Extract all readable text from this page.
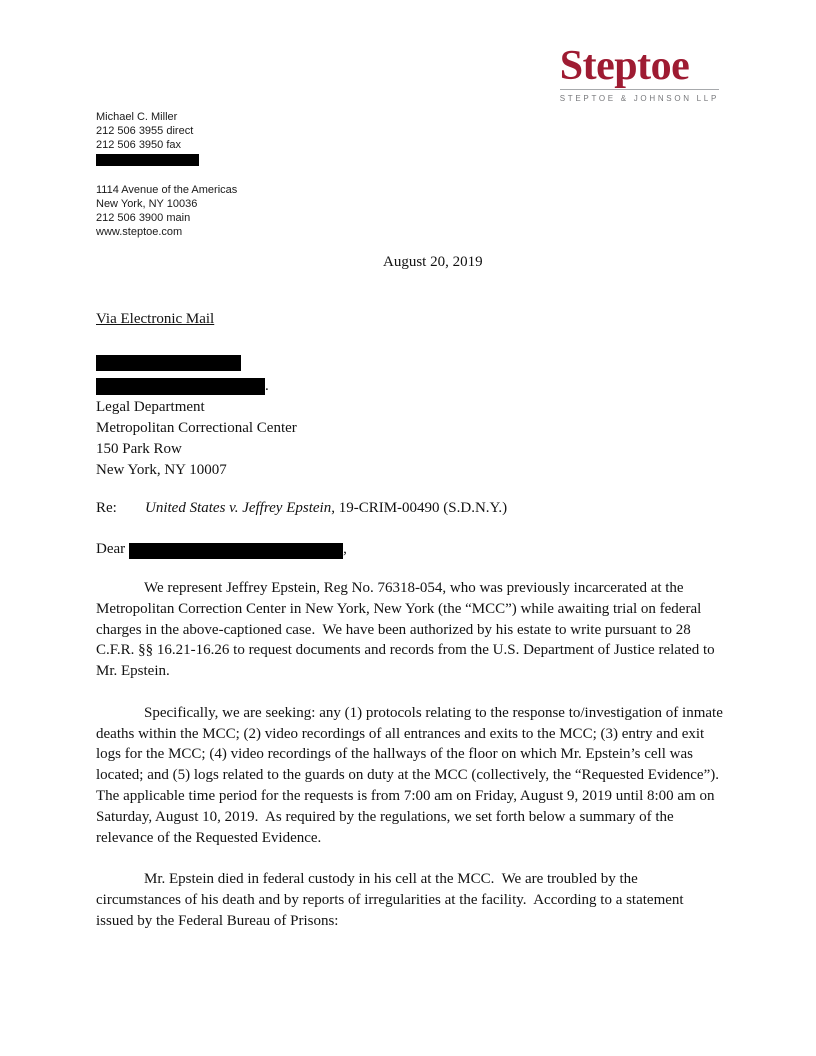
Steptoe
STEPTOE & JOHNSON LLP
Michael C. Miller
212 506 3955 direct
212 506 3950 fax
1114 Avenue of the Americas
New York, NY 10036
212 506 3900 main
www.steptoe.com
August 20, 2019
Via Electronic Mail
.
Legal Department
Metropolitan Correctional Center
150 Park Row
New York, NY 10007
Re: United States v. Jeffrey Epstein, 19-CRIM-00490 (S.D.N.Y.)
Dear	,

We represent Jeffrey Epstein, Reg No. 76318-054, who was previously incarcerated at the Metropolitan Correction Center in New York, New York (the “MCC”) while awaiting trial on federal charges in the above-captioned case.  We have been authorized by his estate to write pursuant to 28 C.F.R. §§ 16.21-16.26 to request documents and records from the U.S. Department of Justice related to Mr. Epstein.

Specifically, we are seeking: any (1) protocols relating to the response to/investigation of inmate deaths within the MCC; (2) video recordings of all entrances and exits to the MCC; (3) entry and exit logs for the MCC; (4) video recordings of the hallways of the floor on which Mr. Epstein’s cell was located; and (5) logs related to the guards on duty at the MCC (collectively, the “Requested Evidence”).  The applicable time period for the requests is from 7:00 am on Friday, August 9, 2019 until 8:00 am on Saturday, August 10, 2019.  As required by the regulations, we set forth below a summary of the relevance of the Requested Evidence.

Mr. Epstein died in federal custody in his cell at the MCC.  We are troubled by the circumstances of his death and by reports of irregularities at the facility.  According to a statement issued by the Federal Bureau of Prisons:
